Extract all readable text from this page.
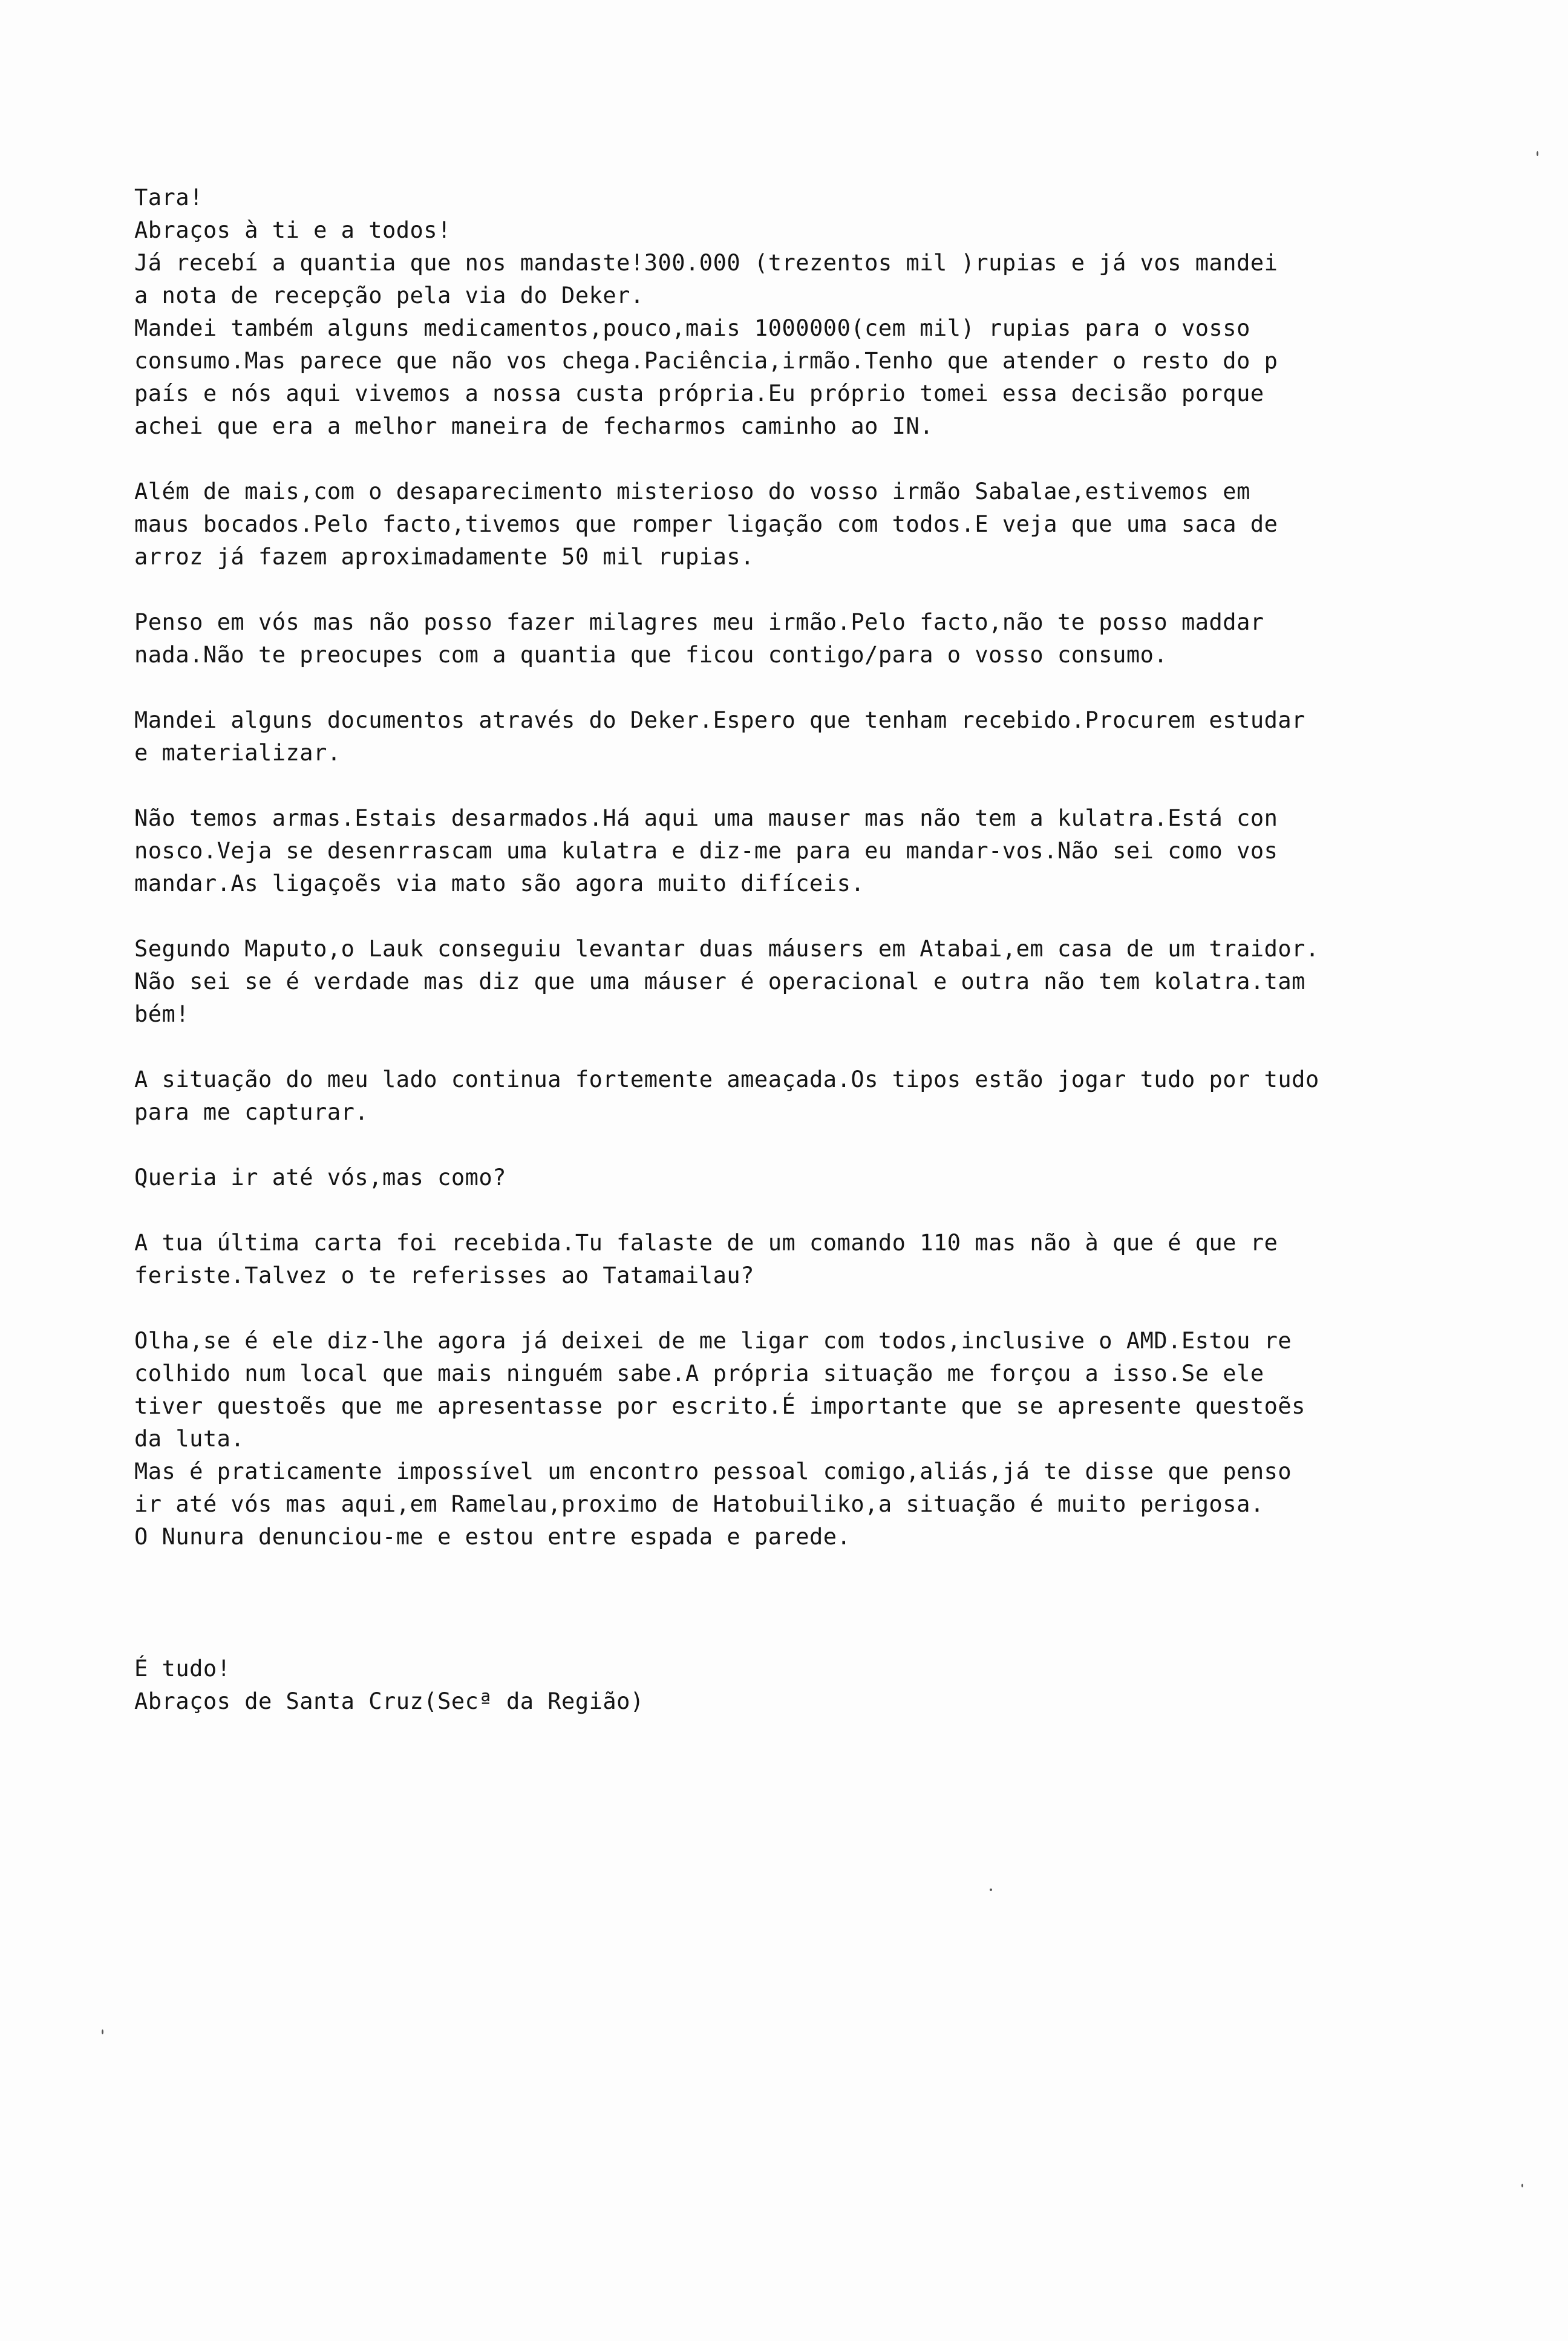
Tara!

Abraços à ti e a todos!

Já recebí a quantia que nos mandaste!300.000 (trezentos mil )rupias e já vos mandei

a nota de recepção pela via do Deker.

Mandei também alguns medicamentos,pouco,mais 1000000(cem mil) rupias para o vosso

consumo.Mas parece que não vos chega.Paciência,irmão.Tenho que atender o resto do p

país e nós aqui vivemos a nossa custa própria.Eu próprio tomei essa decisão porque

achei que era a melhor maneira de fecharmos caminho ao IN.

Além de mais,com o desaparecimento misterioso do vosso irmão Sabalae,estivemos em

maus bocados.Pelo facto,tivemos que romper ligação com todos.E veja que uma saca de

arroz já fazem aproximadamente 50 mil rupias.

Penso em vós mas não posso fazer milagres meu irmão.Pelo facto,não te posso maddar

nada.Não te preocupes com a quantia que ficou contigo/para o vosso consumo.

Mandei alguns documentos através do Deker.Espero que tenham recebido.Procurem estudar

e materializar.

Não temos armas.Estais desarmados.Há aqui uma mauser mas não tem a kulatra.Está con

nosco.Veja se desenrrascam uma kulatra e diz-me para eu mandar-vos.Não sei como vos

mandar.As ligaçoẽs via mato são agora muito difíceis.

Segundo Maputo,o Lauk conseguiu levantar duas máusers em Atabai,em casa de um traidor.

Não sei se é verdade mas diz que uma máuser é operacional e outra não tem kolatra.tam

bém!

A situação do meu lado continua fortemente ameaçada.Os tipos estão jogar tudo por tudo

para me capturar.

Queria ir até vós,mas como?

A tua última carta foi recebida.Tu falaste de um comando 110 mas não à que é que re

feriste.Talvez o te referisses ao Tatamailau?

Olha,se é ele diz-lhe agora já deixei de me ligar com todos,inclusive o AMD.Estou re

colhido num local que mais ninguém sabe.A própria situação me forçou a isso.Se ele

tiver questoẽs que me apresentasse por escrito.É importante que se apresente questoẽs

da luta.

Mas é praticamente impossível um encontro pessoal comigo,aliás,já te disse que penso

ir até vós mas aqui,em Ramelau,proximo de Hatobuiliko,a situação é muito perigosa.

O Nunura denunciou-me e estou entre espada e parede.

É tudo!

Abraços de Santa Cruz(Secª da Região)
